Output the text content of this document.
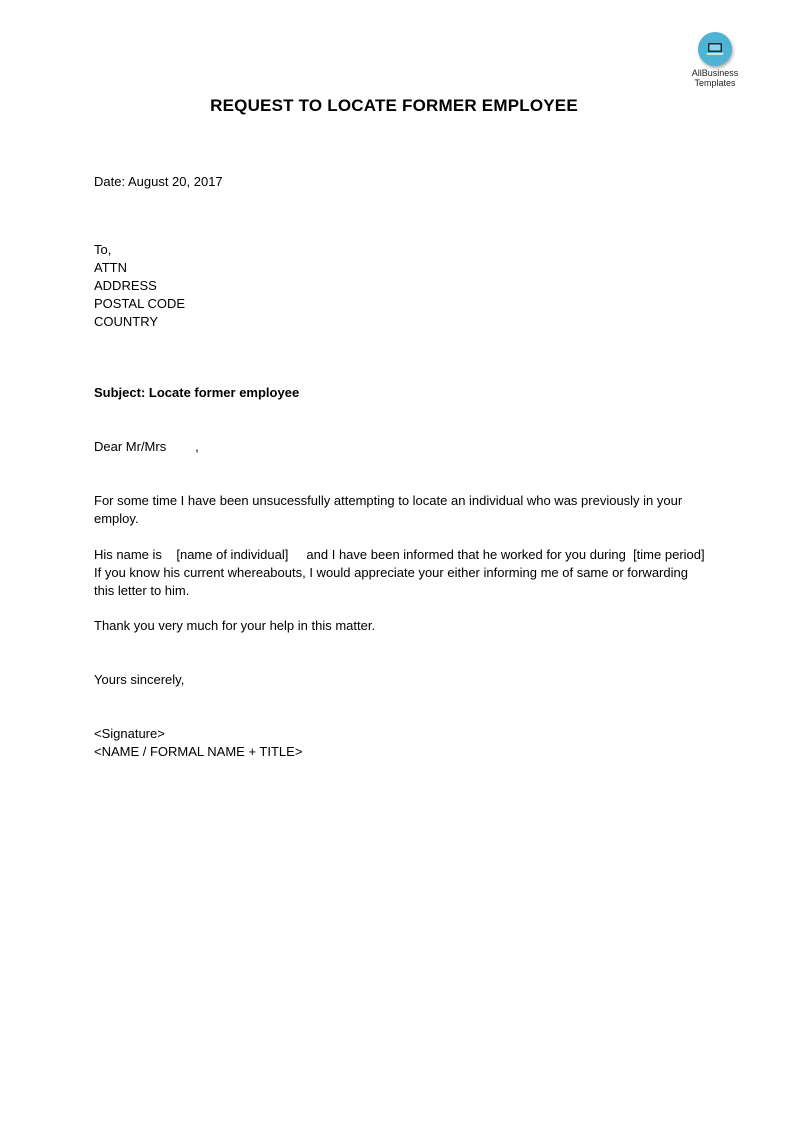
AllBusiness
Templates
REQUEST TO LOCATE FORMER EMPLOYEE

Date: August 20, 2017

To,

ATTN

ADDRESS

POSTAL CODE

COUNTRY

Subject: Locate former employee

Dear Mr/Mrs        ,

For some time I have been unsucessfully attempting to locate an individual who was previously in your employ.

His name is    [name of individual]     and I have been informed that he worked for you during  [time period]  If you know his current whereabouts, I would appreciate your either informing me of same or forwarding this letter to him.

Thank you very much for your help in this matter.

Yours sincerely,

<Signature>

<NAME / FORMAL NAME + TITLE>
